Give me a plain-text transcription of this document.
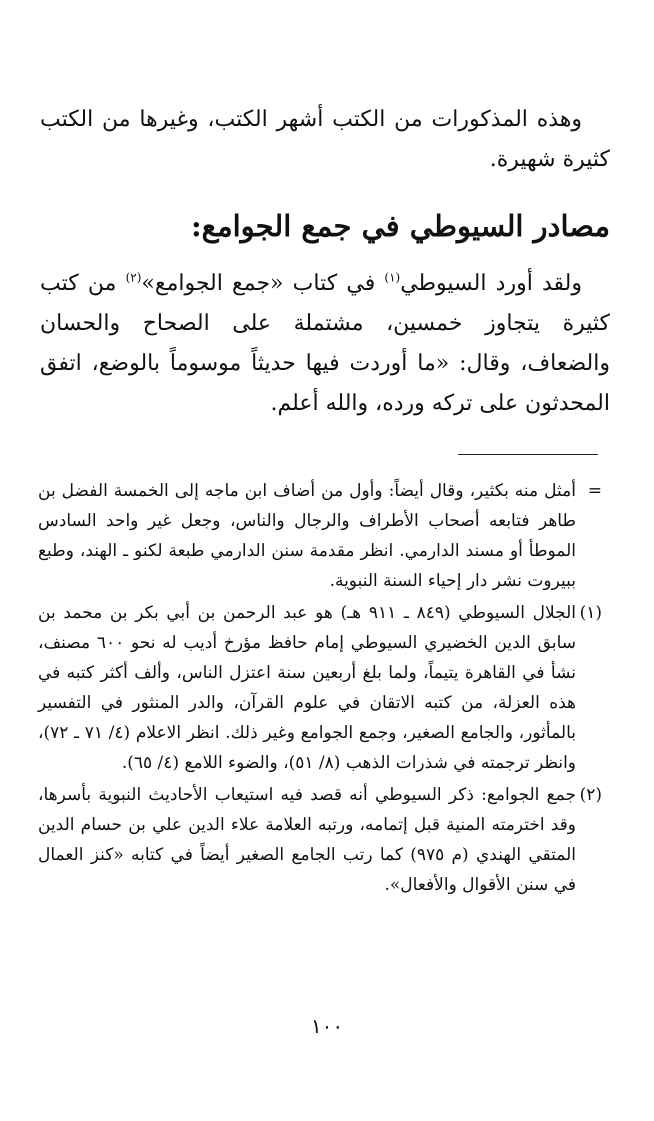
وهذه المذكورات من الكتب أشهر الكتب، وغيرها من الكتب كثيرة شهيرة.

مصادر السيوطي في جمع الجوامع:

ولقد أورد السيوطي$^{(١)}$ في كتاب «جمع الجوامع»$^{(٢)}$ من كتب كثيرة يتجاوز خمسين، مشتملة على الصحاح والحسان والضعاف، وقال: «ما أوردت فيها حديثاً موسوماً بالوضع، اتفق المحدثون على تركه ورده، والله أعلم.

=
أمثل منه بكثير، وقال أيضاً: وأول من أضاف ابن ماجه إلى الخمسة الفضل بن طاهر فتابعه أصحاب الأطراف والرجال والناس، وجعل غير واحد السادس الموطأ أو مسند الدارمي. انظر مقدمة سنن الدارمي طبعة لكنو ـ الهند، وطبع ببيروت نشر دار إحياء السنة النبوية.
(١)
الجلال السيوطي (٨٤٩ ـ ٩١١ هـ) هو عبد الرحمن بن أبي بكر بن محمد بن سابق الدين الخضيري السيوطي إمام حافظ مؤرخ أديب له نحو ٦٠٠ مصنف، نشأ في القاهرة يتيماً، ولما بلغ أربعين سنة اعتزل الناس، وألف أكثر كتبه في هذه العزلة، من كتبه الاتقان في علوم القرآن، والدر المنثور في التفسير بالمأثور، والجامع الصغير، وجمع الجوامع وغير ذلك. انظر الاعلام (٤/ ٧١ ـ ٧٢)، وانظر ترجمته في شذرات الذهب (٨/ ٥١)، والضوء اللامع (٤/ ٦٥).
(٢)
جمع الجوامع: ذكر السيوطي أنه قصد فيه استيعاب الأحاديث النبوية بأسرها، وقد اخترمته المنية قبل إتمامه، ورتبه العلامة علاء الدين علي بن حسام الدين المتقي الهندي (م ٩٧٥) كما رتب الجامع الصغير أيضاً في كتابه «كنز العمال في سنن الأقوال والأفعال».
١٠٠
